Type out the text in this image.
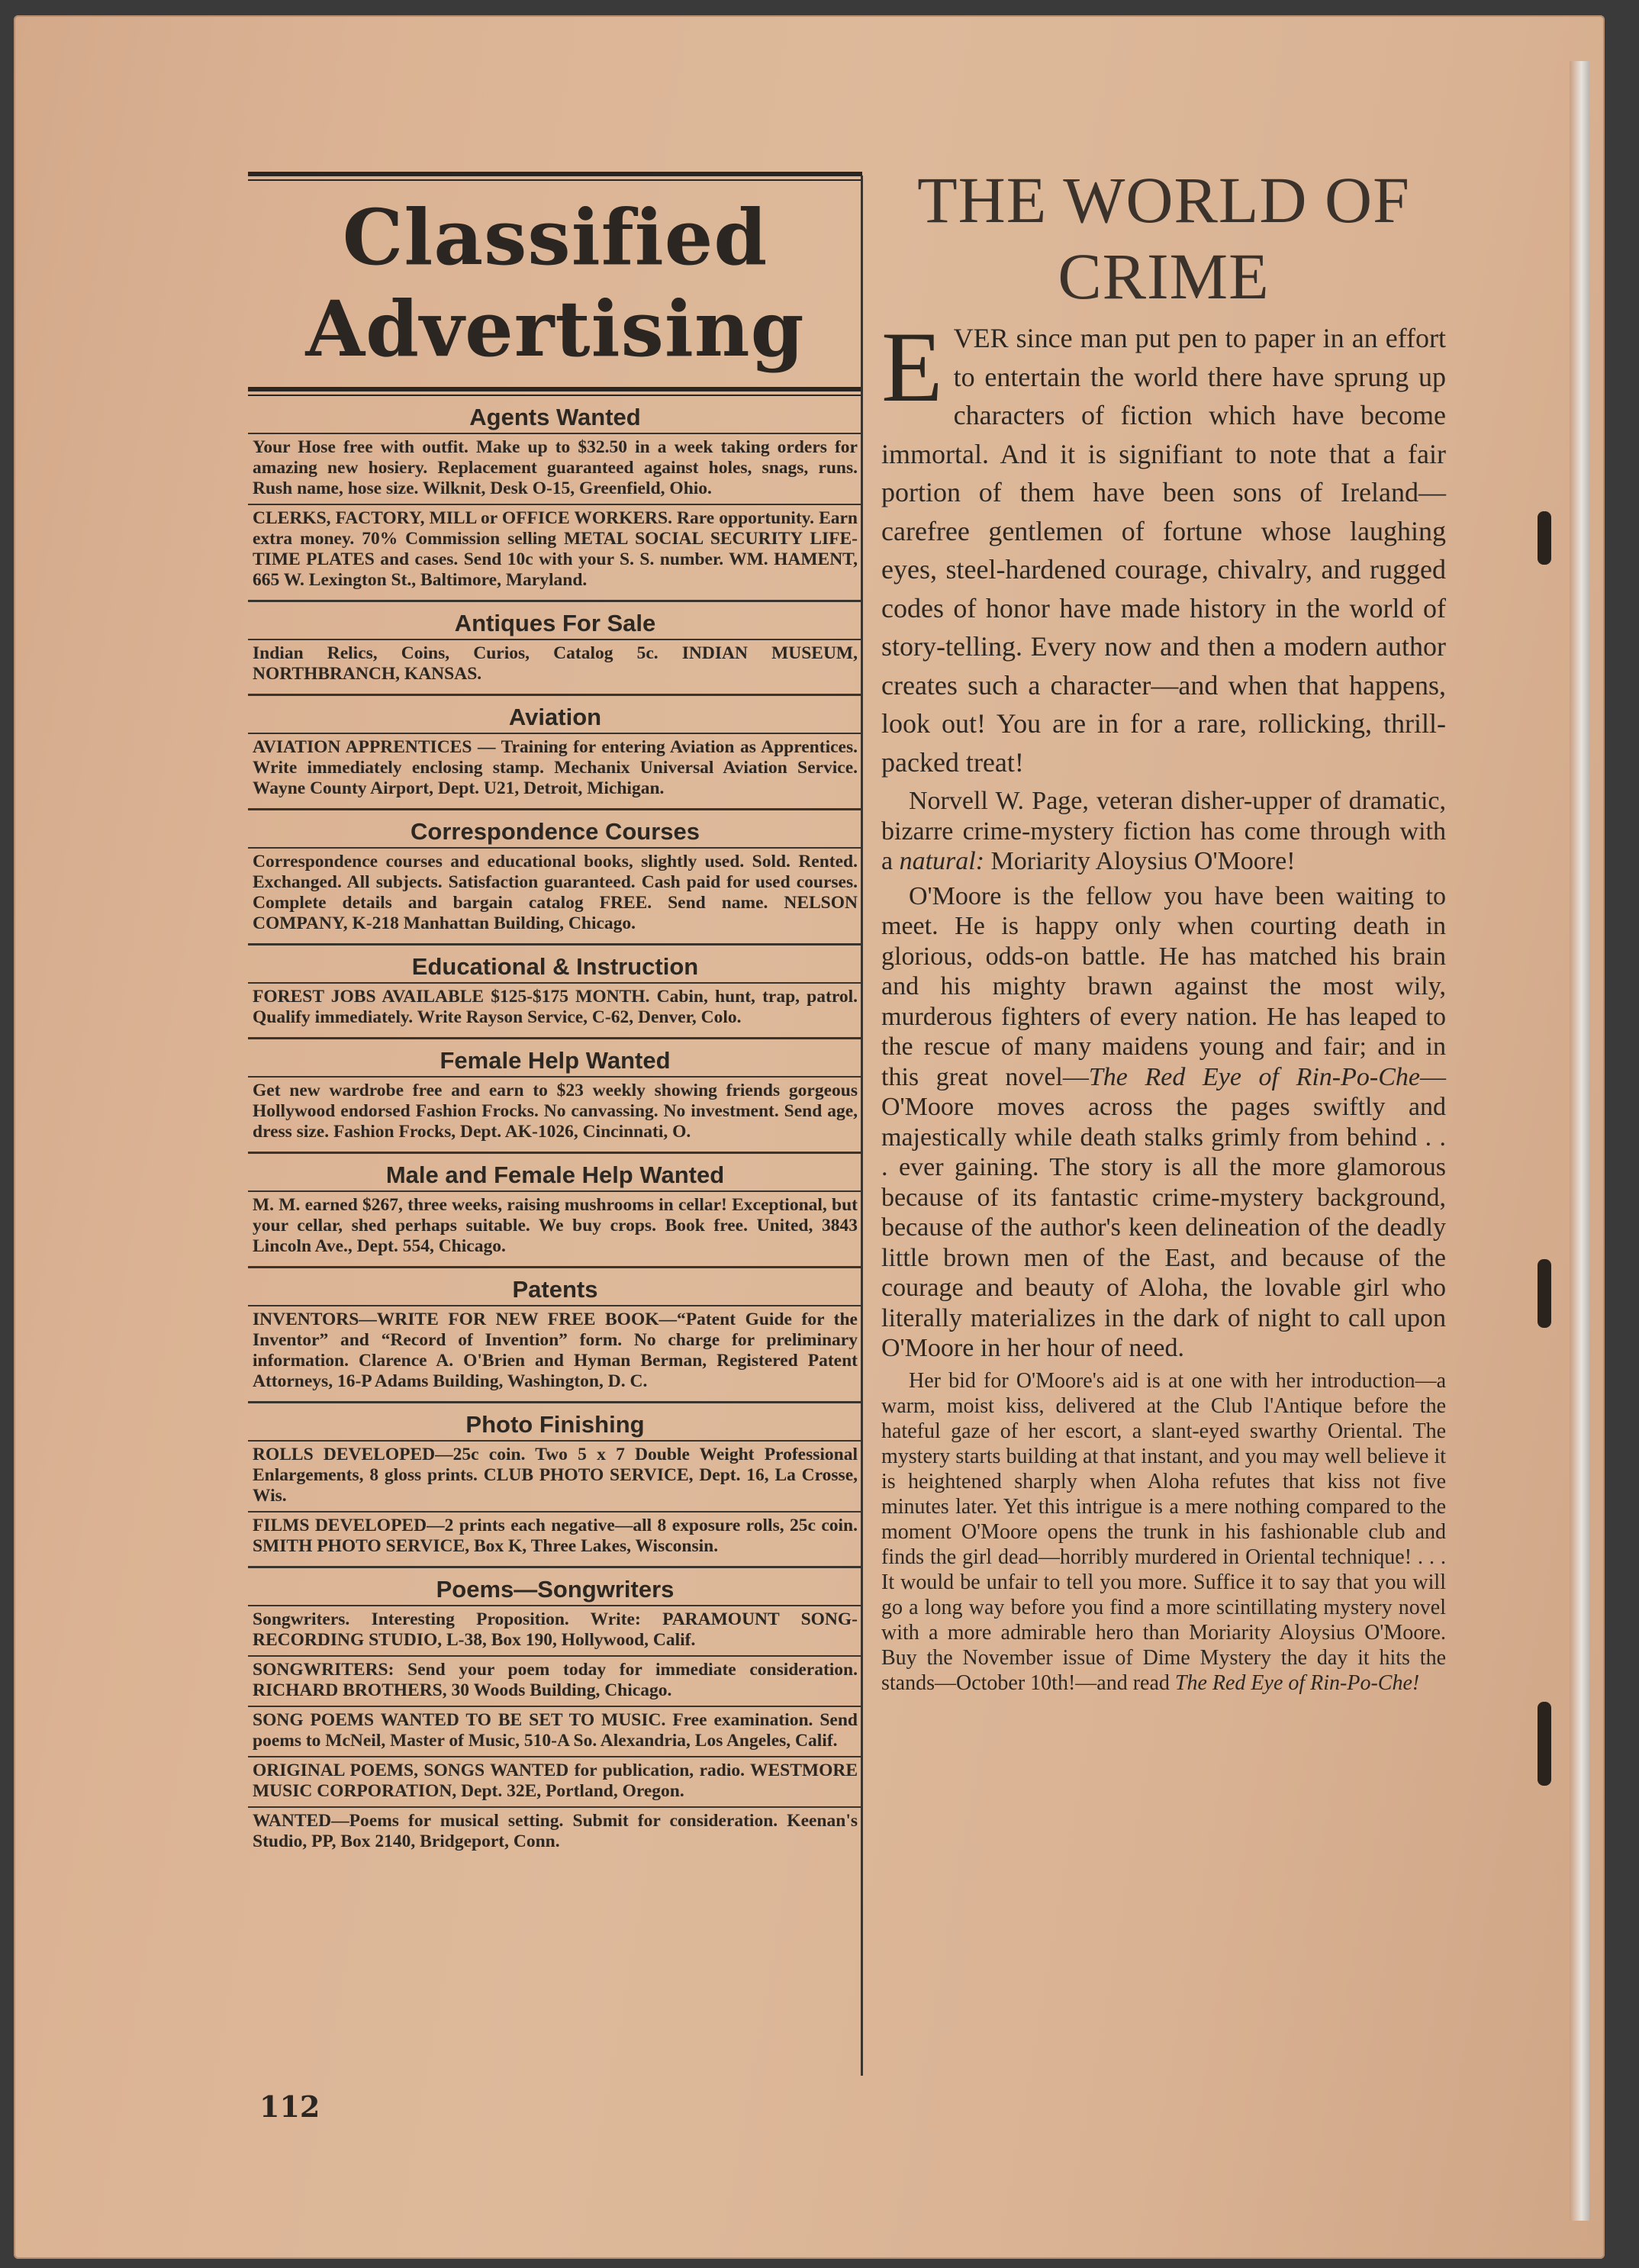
Classified
Advertising
Agents Wanted
Your Hose free with outfit. Make up to $32.50 in a week taking orders for amazing new hosiery. Replacement guaranteed against holes, snags, runs. Rush name, hose size. Wilknit, Desk O-15, Greenfield, Ohio.
CLERKS, FACTORY, MILL or OFFICE WORKERS. Rare opportunity. Earn extra money. 70% Commission selling METAL SOCIAL SECURITY LIFE-TIME PLATES and cases. Send 10c with your S. S. number. WM. HAMENT, 665 W. Lexington St., Baltimore, Maryland.
Antiques For Sale
Indian Relics, Coins, Curios, Catalog 5c. INDIAN MUSEUM, NORTHBRANCH, KANSAS.
Aviation
AVIATION APPRENTICES — Training for entering Aviation as Apprentices. Write immediately enclosing stamp. Mechanix Universal Aviation Service. Wayne County Airport, Dept. U21, Detroit, Michigan.
Correspondence Courses
Correspondence courses and educational books, slightly used. Sold. Rented. Exchanged. All subjects. Satisfaction guaranteed. Cash paid for used courses. Complete details and bargain catalog FREE. Send name. NELSON COMPANY, K-218 Manhattan Building, Chicago.
Educational & Instruction
FOREST JOBS AVAILABLE $125-$175 MONTH. Cabin, hunt, trap, patrol. Qualify immediately. Write Rayson Service, C-62, Denver, Colo.
Female Help Wanted
Get new wardrobe free and earn to $23 weekly showing friends gorgeous Hollywood endorsed Fashion Frocks. No canvassing. No investment. Send age, dress size. Fashion Frocks, Dept. AK-1026, Cincinnati, O.
Male and Female Help Wanted
M. M. earned $267, three weeks, raising mushrooms in cellar! Exceptional, but your cellar, shed perhaps suitable. We buy crops. Book free. United, 3843 Lincoln Ave., Dept. 554, Chicago.
Patents
INVENTORS—WRITE FOR NEW FREE BOOK—“Patent Guide for the Inventor” and “Record of Invention” form. No charge for preliminary information. Clarence A. O'Brien and Hyman Berman, Registered Patent Attorneys, 16-P Adams Building, Washington, D. C.
Photo Finishing
ROLLS DEVELOPED—25c coin. Two 5 x 7 Double Weight Professional Enlargements, 8 gloss prints. CLUB PHOTO SERVICE, Dept. 16, La Crosse, Wis.
FILMS DEVELOPED—2 prints each negative—all 8 exposure rolls, 25c coin. SMITH PHOTO SERVICE, Box K, Three Lakes, Wisconsin.
Poems—Songwriters
Songwriters. Interesting Proposition. Write: PARAMOUNT SONG-RECORDING STUDIO, L-38, Box 190, Hollywood, Calif.
SONGWRITERS: Send your poem today for immediate consideration. RICHARD BROTHERS, 30 Woods Building, Chicago.
SONG POEMS WANTED TO BE SET TO MUSIC. Free examination. Send poems to McNeil, Master of Music, 510-A So. Alexandria, Los Angeles, Calif.
ORIGINAL POEMS, SONGS WANTED for publication, radio. WESTMORE MUSIC CORPORATION, Dept. 32E, Portland, Oregon.
WANTED—Poems for musical setting. Submit for consideration. Keenan's Studio, PP, Box 2140, Bridgeport, Conn.
112
THE WORLD OF
CRIME

EVER since man put pen to paper in an effort to entertain the world there have sprung up characters of fiction which have become immortal. And it is signifiant to note that a fair portion of them have been sons of Ireland—carefree gentlemen of fortune whose laughing eyes, steel-hardened courage, chivalry, and rugged codes of honor have made history in the world of story-telling. Every now and then a modern author creates such a character—and when that happens, look out! You are in for a rare, rollicking, thrill-packed treat!

Norvell W. Page, veteran disher-upper of dramatic, bizarre crime-mystery fiction has come through with a natural: Moriarity Aloysius O'Moore!

O'Moore is the fellow you have been waiting to meet. He is happy only when courting death in glorious, odds-on battle. He has matched his brain and his mighty brawn against the most wily, murderous fighters of every nation. He has leaped to the rescue of many maidens young and fair; and in this great novel—The Red Eye of Rin-Po-Che—O'Moore moves across the pages swiftly and majestically while death stalks grimly from behind . . . ever gaining. The story is all the more glamorous because of its fantastic crime-mystery background, because of the author's keen delineation of the deadly little brown men of the East, and because of the courage and beauty of Aloha, the lovable girl who literally materializes in the dark of night to call upon O'Moore in her hour of need.

Her bid for O'Moore's aid is at one with her introduction—a warm, moist kiss, delivered at the Club l'Antique before the hateful gaze of her escort, a slant-eyed swarthy Oriental. The mystery starts building at that instant, and you may well believe it is heightened sharply when Aloha refutes that kiss not five minutes later. Yet this intrigue is a mere nothing compared to the moment O'Moore opens the trunk in his fashionable club and finds the girl dead—horribly murdered in Oriental technique! . . . It would be unfair to tell you more. Suffice it to say that you will go a long way before you find a more scintillating mystery novel with a more admirable hero than Moriarity Aloysius O'Moore. Buy the November issue of Dime Mystery the day it hits the stands—October 10th!—and read The Red Eye of Rin-Po-Che!
